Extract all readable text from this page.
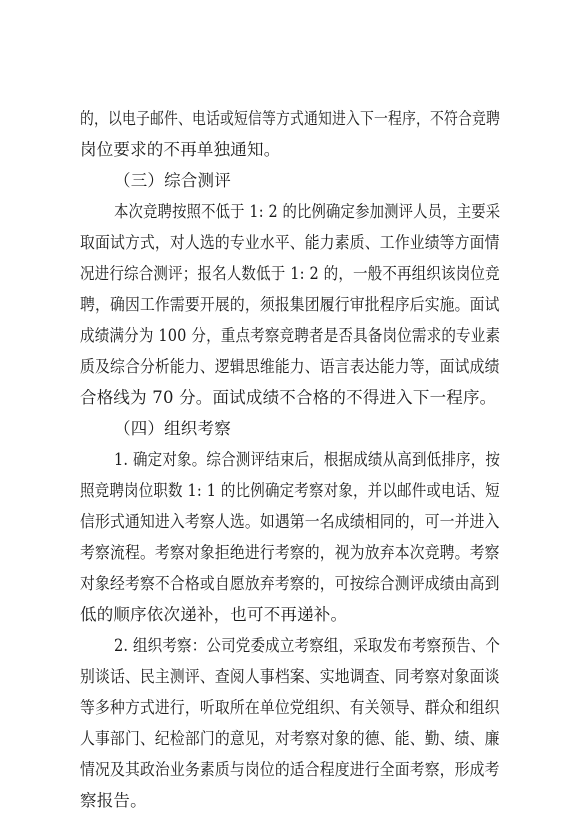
的，以电子邮件、电话或短信等方式通知进入下一程序，不符合竞聘
岗位要求的不再单独通知。
（三）综合测评
本次竞聘按照不低于 1: 2 的比例确定参加测评人员，主要采
取面试方式，对人选的专业水平、能力素质、工作业绩等方面情
况进行综合测评；报名人数低于 1: 2 的，一般不再组织该岗位竞
聘，确因工作需要开展的，须报集团履行审批程序后实施。面试
成绩满分为 100 分，重点考察竞聘者是否具备岗位需求的专业素
质及综合分析能力、逻辑思维能力、语言表达能力等，面试成绩
合格线为 70 分。面试成绩不合格的不得进入下一程序。
（四）组织考察
1. 确定对象。综合测评结束后，根据成绩从高到低排序，按
照竞聘岗位职数 1: 1 的比例确定考察对象，并以邮件或电话、短
信形式通知进入考察人选。如遇第一名成绩相同的，可一并进入
考察流程。考察对象拒绝进行考察的，视为放弃本次竞聘。考察
对象经考察不合格或自愿放弃考察的，可按综合测评成绩由高到
低的顺序依次递补，也可不再递补。
2. 组织考察：公司党委成立考察组，采取发布考察预告、个
别谈话、民主测评、查阅人事档案、实地调查、同考察对象面谈
等多种方式进行，听取所在单位党组织、有关领导、群众和组织
人事部门、纪检部门的意见，对考察对象的德、能、勤、绩、廉
情况及其政治业务素质与岗位的适合程度进行全面考察，形成考
察报告。
